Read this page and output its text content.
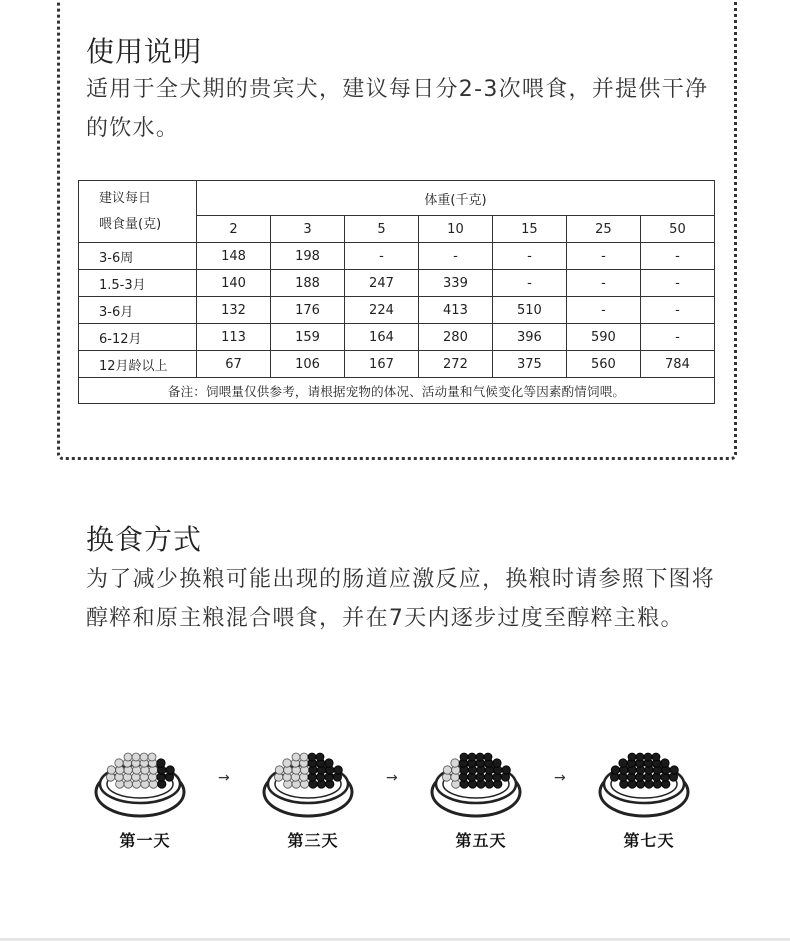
使用说明

适用于全犬期的贵宾犬，建议每日分2-3次喂食，并提供干净的饮水。

建议每日
喂食量(克)	体重(千克)						
	2	3	5	10	15	25	50
3-6周	148	198	-	-	-	-	-
1.5-3月	140	188	247	339	-	-	-
3-6月	132	176	224	413	510	-	-
6-12月	113	159	164	280	396	590	-
12月龄以上	67	106	167	272	375	560	784
备注：饲喂量仅供参考，请根据宠物的体况、活动量和气候变化等因素酌情饲喂。							
换食方式

为了减少换粮可能出现的肠道应激反应，换粮时请参照下图将醇粹和原主粮混合喂食，并在7天内逐步过度至醇粹主粮。

第一天
→
第三天
→
第五天
→
第七天
